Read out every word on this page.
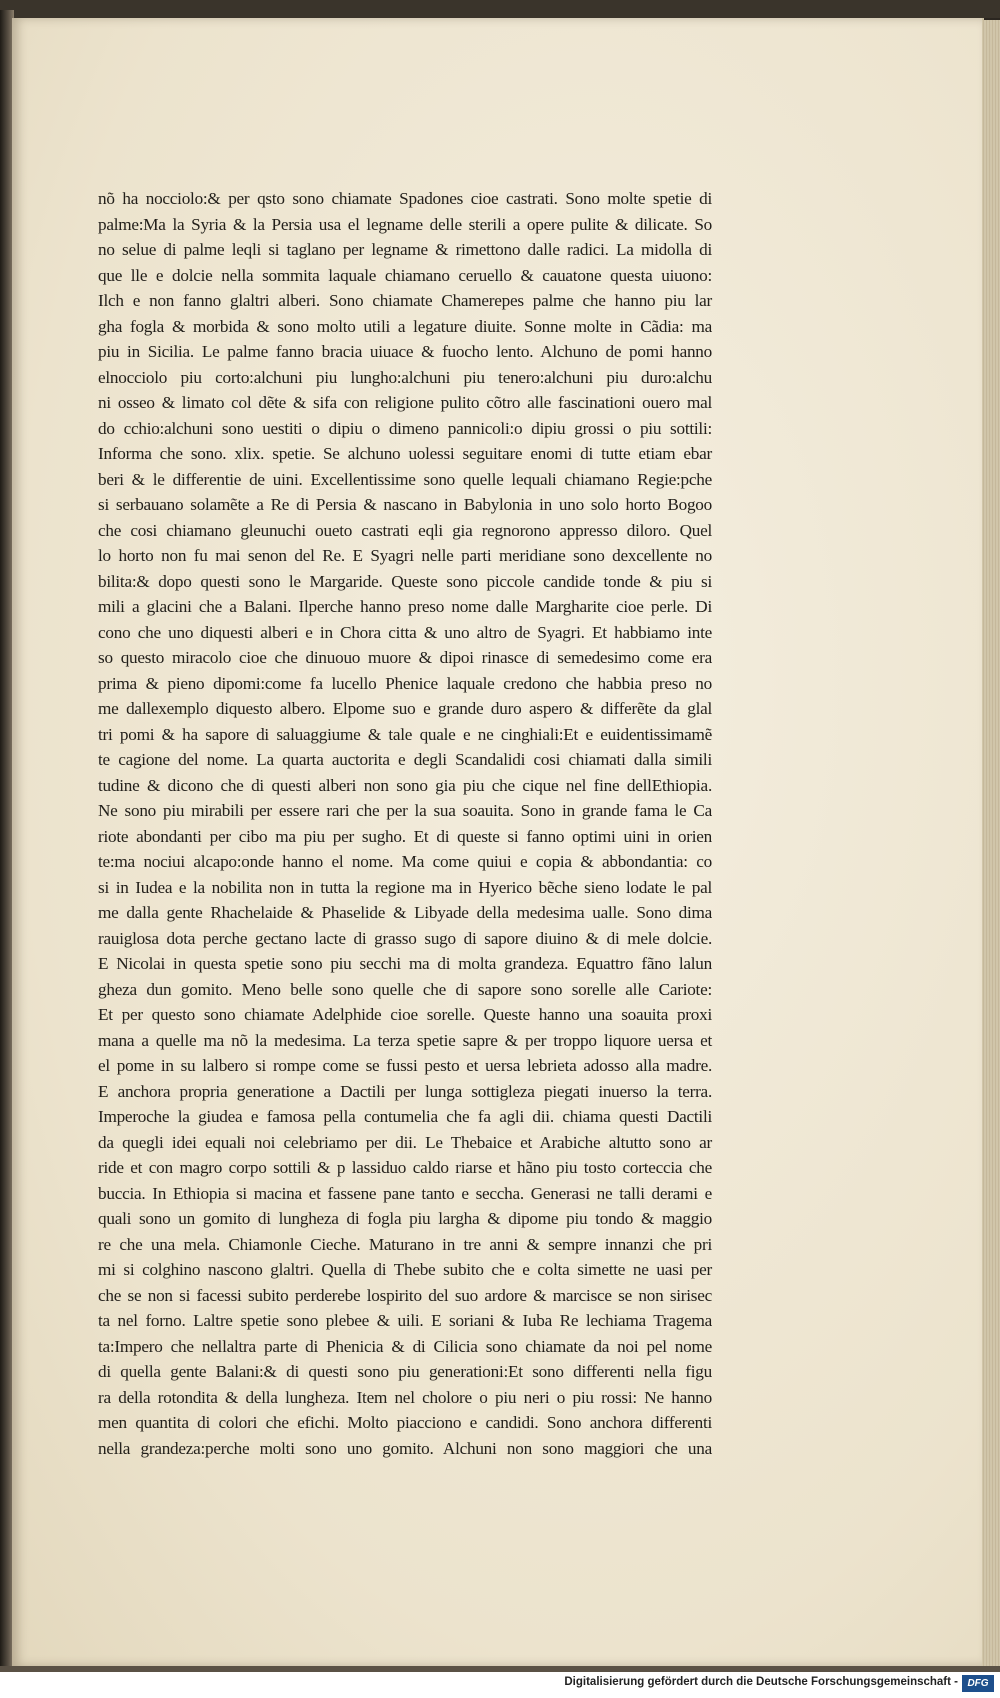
nõ ha nocciolo:& per qsto sono chiamate Spadones cioe castrati. Sono molte spetie di
palme:Ma la Syria & la Persia usa el legname delle sterili a opere pulite & dilicate. So
no selue di palme leqli si taglano per legname & rimettono dalle radici. La midolla di
que lle e dolcie nella sommita laquale chiamano ceruello & cauatone questa uiuono:
Ilch e non fanno glaltri alberi. Sono chiamate Chamerepes palme che hanno piu lar
gha fogla & morbida & sono molto utili a legature diuite. Sonne molte in Cãdia: ma
piu in Sicilia. Le palme fanno bracia uiuace & fuocho lento. Alchuno de pomi hanno
elnocciolo piu corto:alchuni piu lungho:alchuni piu tenero:alchuni piu duro:alchu
ni osseo & limato col dẽte & sifa con religione pulito cõtro alle fascinationi ouero mal
do cchio:alchuni sono uestiti o dipiu o dimeno pannicoli:o dipiu grossi o piu sottili:
Informa che sono. xlix. spetie. Se alchuno uolessi seguitare enomi di tutte etiam ebar
beri & le differentie de uini. Excellentissime sono quelle lequali chiamano Regie:pche
si serbauano solamẽte a Re di Persia & nascano in Babylonia in uno solo horto Bogoo
che cosi chiamano gleunuchi oueto castrati eqli gia regnorono appresso diloro. Quel
lo horto non fu mai senon del Re. E Syagri nelle parti meridiane sono dexcellente no
bilita:& dopo questi sono le Margaride. Queste sono piccole candide tonde & piu si
mili a glacini che a Balani. Ilperche hanno preso nome dalle Margharite cioe perle. Di
cono che uno diquesti alberi e in Chora citta & uno altro de Syagri. Et habbiamo inte
so questo miracolo cioe che dinuouo muore & dipoi rinasce di semedesimo come era
prima & pieno dipomi:come fa lucello Phenice laquale credono che habbia preso no
me dallexemplo diquesto albero. Elpome suo e grande duro aspero & differẽte da glal
tri pomi & ha sapore di saluaggiume & tale quale e ne cinghiali:Et e euidentissimamẽ
te cagione del nome. La quarta auctorita e degli Scandalidi cosi chiamati dalla simili
tudine & dicono che di questi alberi non sono gia piu che cique nel fine dellEthiopia.
Ne sono piu mirabili per essere rari che per la sua soauita. Sono in grande fama le Ca
riote abondanti per cibo ma piu per sugho. Et di queste si fanno optimi uini in orien
te:ma nociui alcapo:onde hanno el nome. Ma come quiui e copia & abbondantia: co
si in Iudea e la nobilita non in tutta la regione ma in Hyerico bẽche sieno lodate le pal
me dalla gente Rhachelaide & Phaselide & Libyade della medesima ualle. Sono dima
rauiglosa dota perche gectano lacte di grasso sugo di sapore diuino & di mele dolcie.
E Nicolai in questa spetie sono piu secchi ma di molta grandeza. Equattro fãno lalun
gheza dun gomito. Meno belle sono quelle che di sapore sono sorelle alle Cariote:
Et per questo sono chiamate Adelphide cioe sorelle. Queste hanno una soauita proxi
mana a quelle ma nõ la medesima. La terza spetie sapre & per troppo liquore uersa et
el pome in su lalbero si rompe come se fussi pesto et uersa lebrieta adosso alla madre.
E anchora propria generatione a Dactili per lunga sottigleza piegati inuerso la terra.
Imperoche la giudea e famosa pella contumelia che fa agli dii. chiama questi Dactili
da quegli idei equali noi celebriamo per dii. Le Thebaice et Arabiche altutto sono ar
ride et con magro corpo sottili & p lassiduo caldo riarse et hãno piu tosto corteccia che
buccia. In Ethiopia si macina et fassene pane tanto e seccha. Generasi ne talli derami e
quali sono un gomito di lungheza di fogla piu largha & dipome piu tondo & maggio
re che una mela. Chiamonle Cieche. Maturano in tre anni & sempre innanzi che pri
mi si colghino nascono glaltri. Quella di Thebe subito che e colta simette ne uasi per
che se non si facessi subito perderebe lospirito del suo ardore & marcisce se non sirisec
ta nel forno. Laltre spetie sono plebee & uili. E soriani & Iuba Re lechiama Tragema
ta:Impero che nellaltra parte di Phenicia & di Cilicia sono chiamate da noi pel nome
di quella gente Balani:& di questi sono piu generationi:Et sono differenti nella figu
ra della rotondita & della lungheza. Item nel cholore o piu neri o piu rossi: Ne hanno
men quantita di colori che efichi. Molto piacciono e candidi. Sono anchora differenti
nella grandeza:perche molti sono uno gomito. Alchuni non sono maggiori che una
Digitalisierung gefördert durch die Deutsche Forschungsgemeinschaft - DFG
